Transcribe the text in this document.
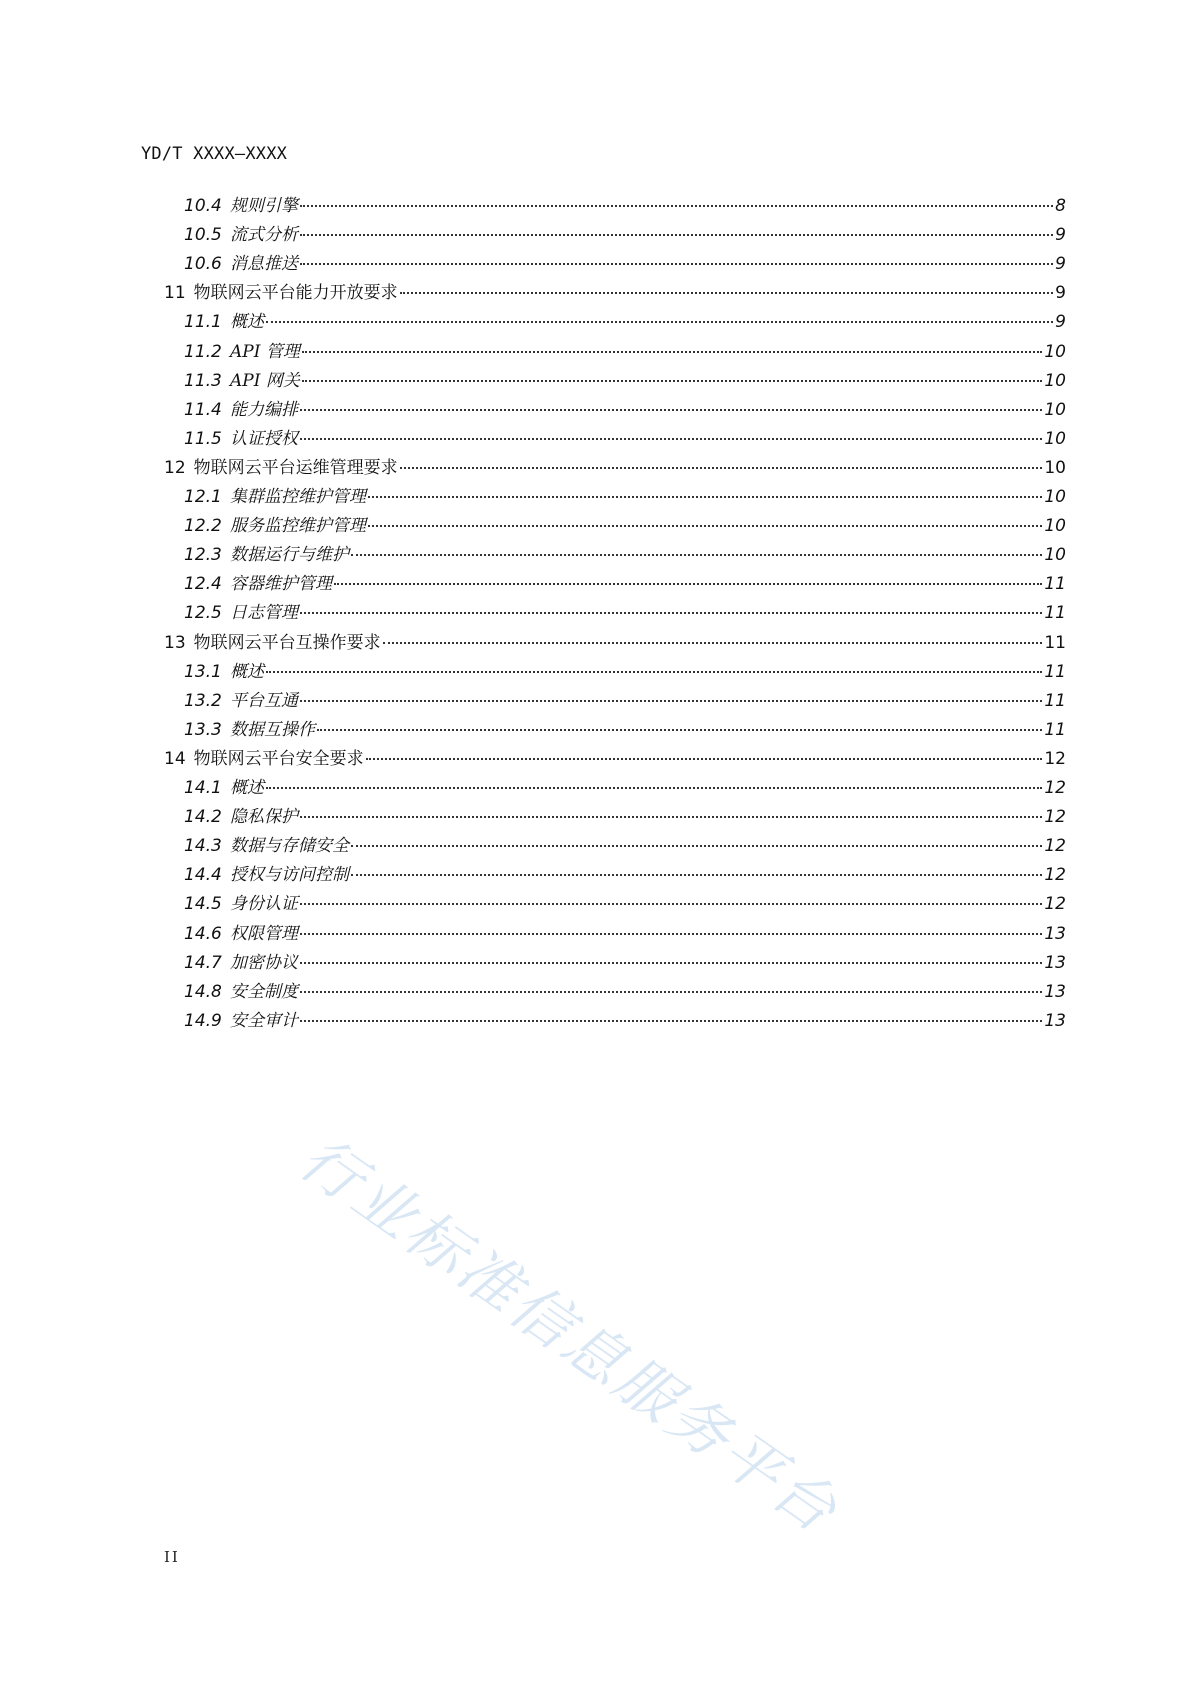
YD/T XXXX—XXXX
10.4 规则引擎	8
10.5 流式分析	9
10.6 消息推送	9
11 物联网云平台能力开放要求	9
11.1 概述	9
11.2 API 管理	10
11.3 API 网关	10
11.4 能力编排	10
11.5 认证授权	10
12 物联网云平台运维管理要求	10
12.1 集群监控维护管理	10
12.2 服务监控维护管理	10
12.3 数据运行与维护	10
12.4 容器维护管理	11
12.5 日志管理	11
13 物联网云平台互操作要求	11
13.1 概述	11
13.2 平台互通	11
13.3 数据互操作	11
14 物联网云平台安全要求	12
14.1 概述	12
14.2 隐私保护	12
14.3 数据与存储安全	12
14.4 授权与访问控制	12
14.5 身份认证	12
14.6 权限管理	13
14.7 加密协议	13
14.8 安全制度	13
14.9 安全审计	13
行业标准信息服务平台
II
